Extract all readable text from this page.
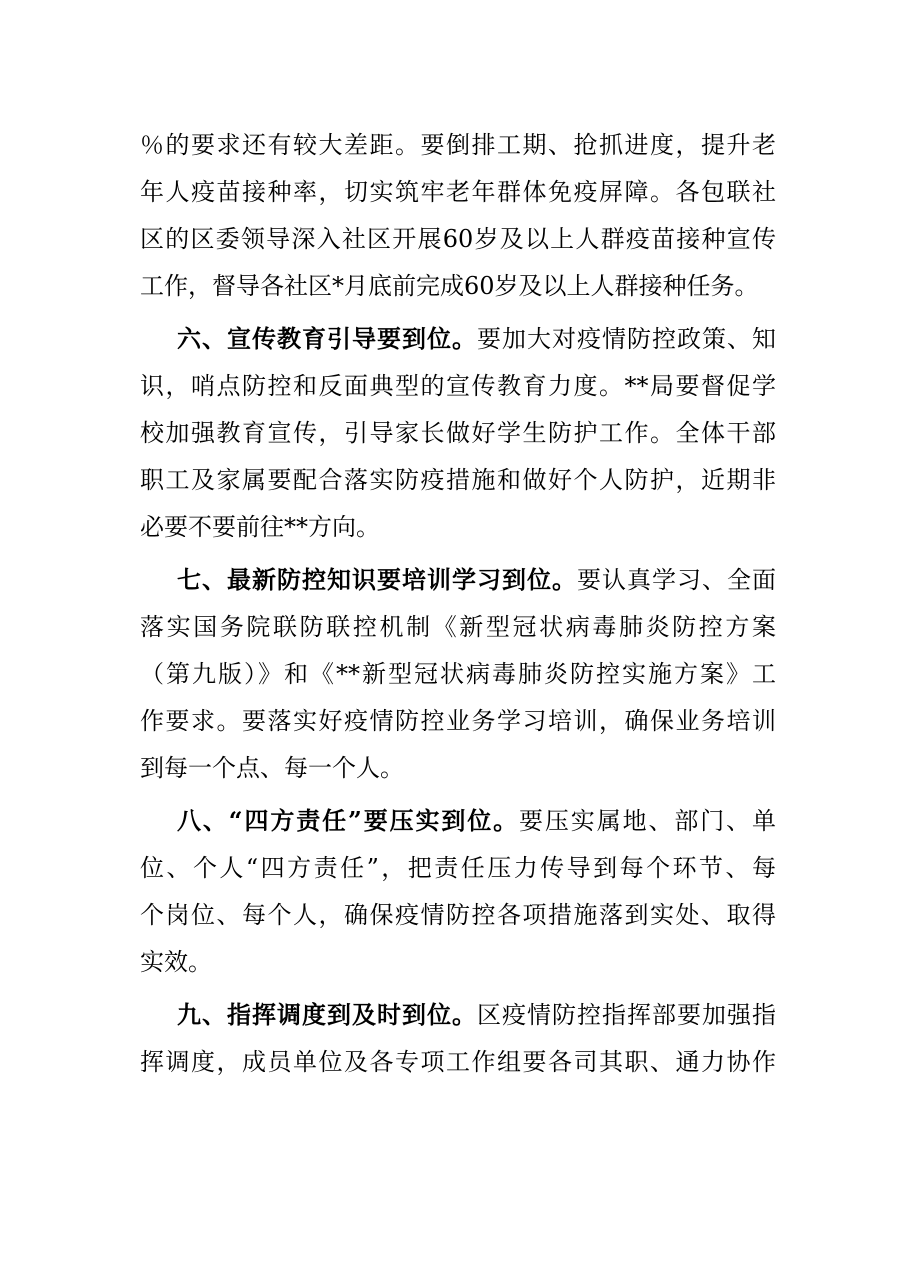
％的要求还有较大差距。要倒排工期、抢抓进度，提升老
年人疫苗接种率，切实筑牢老年群体免疫屏障。各包联社
区的区委领导深入社区开展60岁及以上人群疫苗接种宣传
工作，督导各社区*月底前完成60岁及以上人群接种任务。
六、宣传教育引导要到位。要加大对疫情防控政策、知
识，哨点防控和反面典型的宣传教育力度。**局要督促学
校加强教育宣传，引导家长做好学生防护工作。全体干部
职工及家属要配合落实防疫措施和做好个人防护，近期非
必要不要前往**方向。
七、最新防控知识要培训学习到位。要认真学习、全面
落实国务院联防联控机制《新型冠状病毒肺炎防控方案
（第九版）》和《**新型冠状病毒肺炎防控实施方案》工
作要求。要落实好疫情防控业务学习培训，确保业务培训
到每一个点、每一个人。
八、“四方责任”要压实到位。要压实属地、部门、单
位、个人“四方责任”，把责任压力传导到每个环节、每
个岗位、每个人，确保疫情防控各项措施落到实处、取得
实效。
九、指挥调度到及时到位。区疫情防控指挥部要加强指
挥调度，成员单位及各专项工作组要各司其职、通力协作
